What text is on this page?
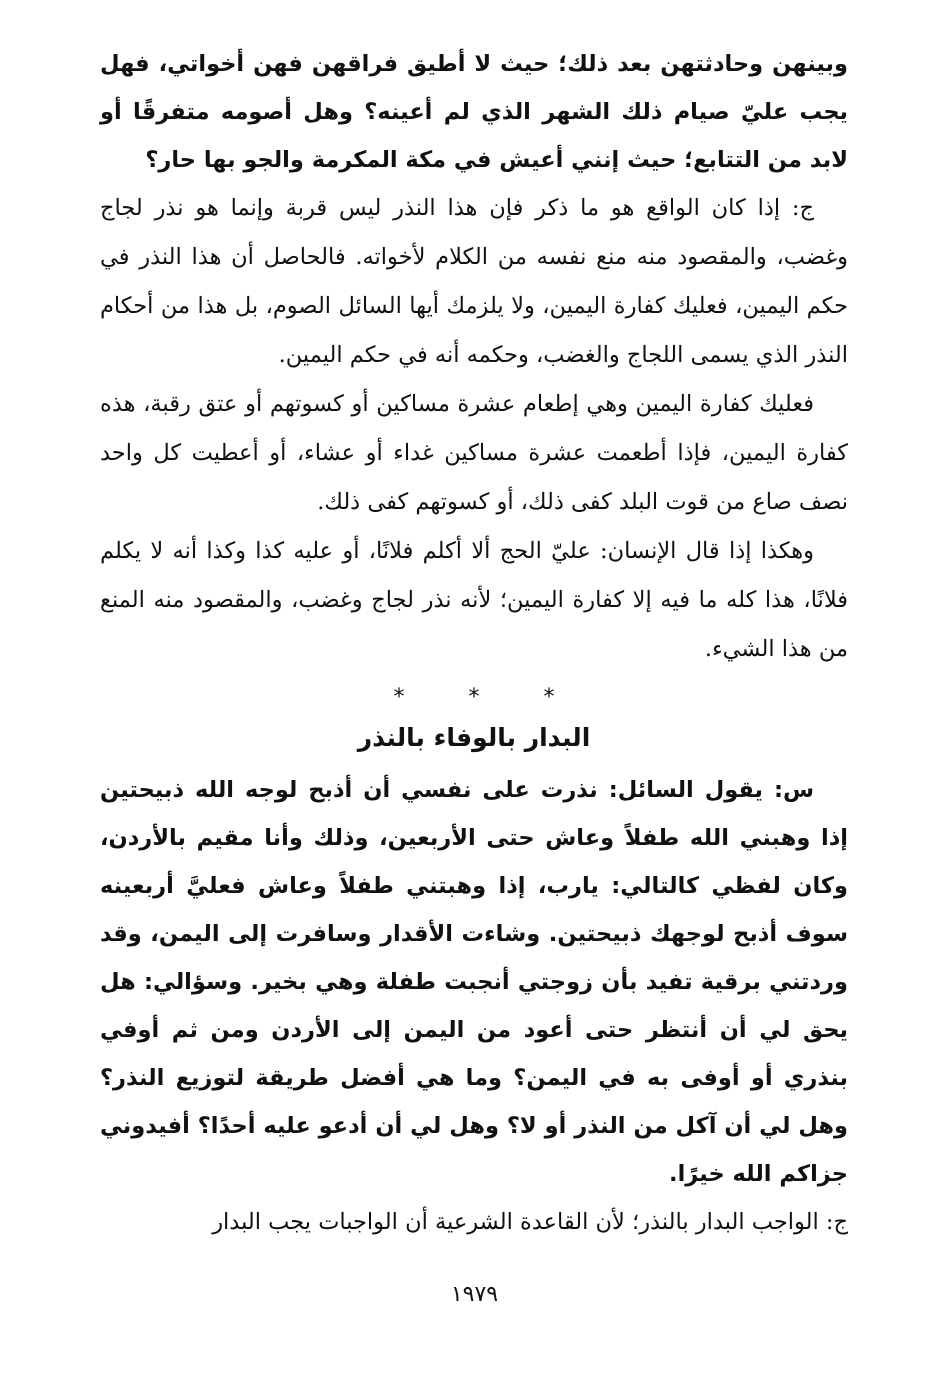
وبينهن وحادثتهن بعد ذلك؛ حيث لا أطيق فراقهن فهن أخواتي، فهل يجب عليّ صيام ذلك الشهر الذي لم أعينه؟ وهل أصومه متفرقًا أو لابد من التتابع؛ حيث إنني أعيش في مكة المكرمة والجو بها حار؟

ج: إذا كان الواقع هو ما ذكر فإن هذا النذر ليس قربة وإنما هو نذر لجاج وغضب، والمقصود منه منع نفسه من الكلام لأخواته. فالحاصل أن هذا النذر في حكم اليمين، فعليك كفارة اليمين، ولا يلزمك أيها السائل الصوم، بل هذا من أحكام النذر الذي يسمى اللجاج والغضب، وحكمه أنه في حكم اليمين.

فعليك كفارة اليمين وهي إطعام عشرة مساكين أو كسوتهم أو عتق رقبة، هذه كفارة اليمين، فإذا أطعمت عشرة مساكين غداء أو عشاء، أو أعطيت كل واحد نصف صاع من قوت البلد كفى ذلك، أو كسوتهم كفى ذلك.

وهكذا إذا قال الإنسان: عليّ الحج ألا أكلم فلانًا، أو عليه كذا وكذا أنه لا يكلم فلانًا، هذا كله ما فيه إلا كفارة اليمين؛ لأنه نذر لجاج وغضب، والمقصود منه المنع من هذا الشيء.

*	*	*
البدار بالوفاء بالنذر

س: يقول السائل: نذرت على نفسي أن أذبح لوجه الله ذبيحتين إذا وهبني الله طفلاً وعاش حتى الأربعين، وذلك وأنا مقيم بالأردن، وكان لفظي كالتالي: يارب، إذا وهبتني طفلاً وعاش فعليَّ أربعينه سوف أذبح لوجهك ذبيحتين. وشاءت الأقدار وسافرت إلى اليمن، وقد وردتني برقية تفيد بأن زوجتي أنجبت طفلة وهي بخير. وسؤالي: هل يحق لي أن أنتظر حتى أعود من اليمن إلى الأردن ومن ثم أوفي بنذري أو أوفى به في اليمن؟ وما هي أفضل طريقة لتوزيع النذر؟ وهل لي أن آكل من النذر أو لا؟ وهل لي أن أدعو عليه أحدًا؟ أفيدوني جزاكم الله خيرًا.

ج: الواجب البدار بالنذر؛ لأن القاعدة الشرعية أن الواجبات يجب البدار

١٩٧٩
